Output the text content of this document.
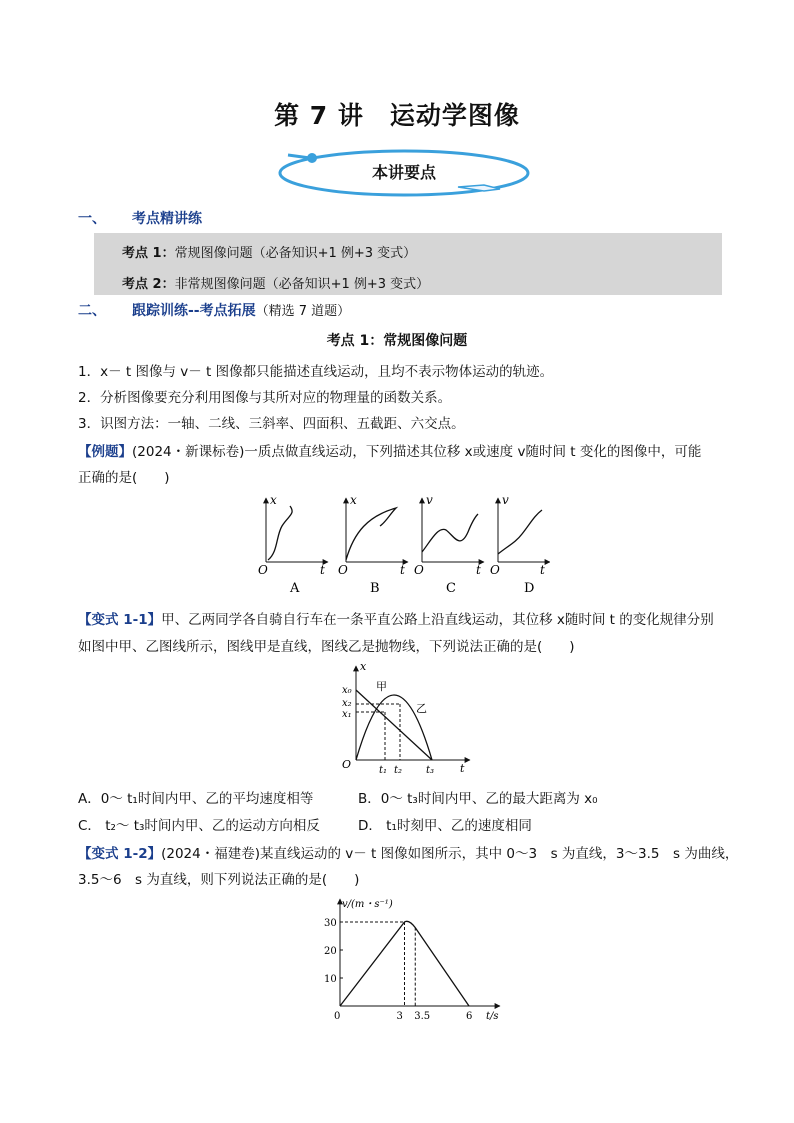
第 7 讲　运动学图像
本讲要点
一、 考点精讲练
考点 1：常规图像问题（必备知识+1 例+3 变式）
考点 2：非常规图像问题（必备知识+1 例+3 变式）
二、 跟踪训练--考点拓展（精选 7 道题）
考点 1：常规图像问题
1．x－ t 图像与 v－ t 图像都只能描述直线运动，且均不表示物体运动的轨迹。
2．分析图像要充分利用图像与其所对应的物理量的函数关系。
3．识图方法：一轴、二线、三斜率、四面积、五截距、六交点。
【例题】(2024・新课标卷)一质点做直线运动，下列描述其位移 x或速度 v随时间 t 变化的图像中，可能
正确的是(　　)
x
O	t
A
x
O	t
B
v
O	t
C
v
O	t
D
【变式 1-1】甲、乙两同学各自骑自行车在一条平直公路上沿直线运动，其位移 x随时间 t 的变化规律分别
如图中甲、乙图线所示，图线甲是直线，图线乙是抛物线，下列说法正确的是(　　)
x
x₀
x₂
x₁
甲
乙
O	t₁ t₂ t₃ t
A．0～ t₁时间内甲、乙的平均速度相等	B．0～ t₃时间内甲、乙的最大距离为 x₀
C． t₂～ t₃时间内甲、乙的运动方向相反	D． t₁时刻甲、乙的速度相同
【变式 1-2】(2024・福建卷)某直线运动的 v－ t 图像如图所示，其中 0～3　s 为直线，3～3.5　s 为曲线，
3.5～6　s 为直线，则下列说法正确的是(　　)
v/(m・s⁻¹)
t/s
0
10
20
30
3 3.5	6
